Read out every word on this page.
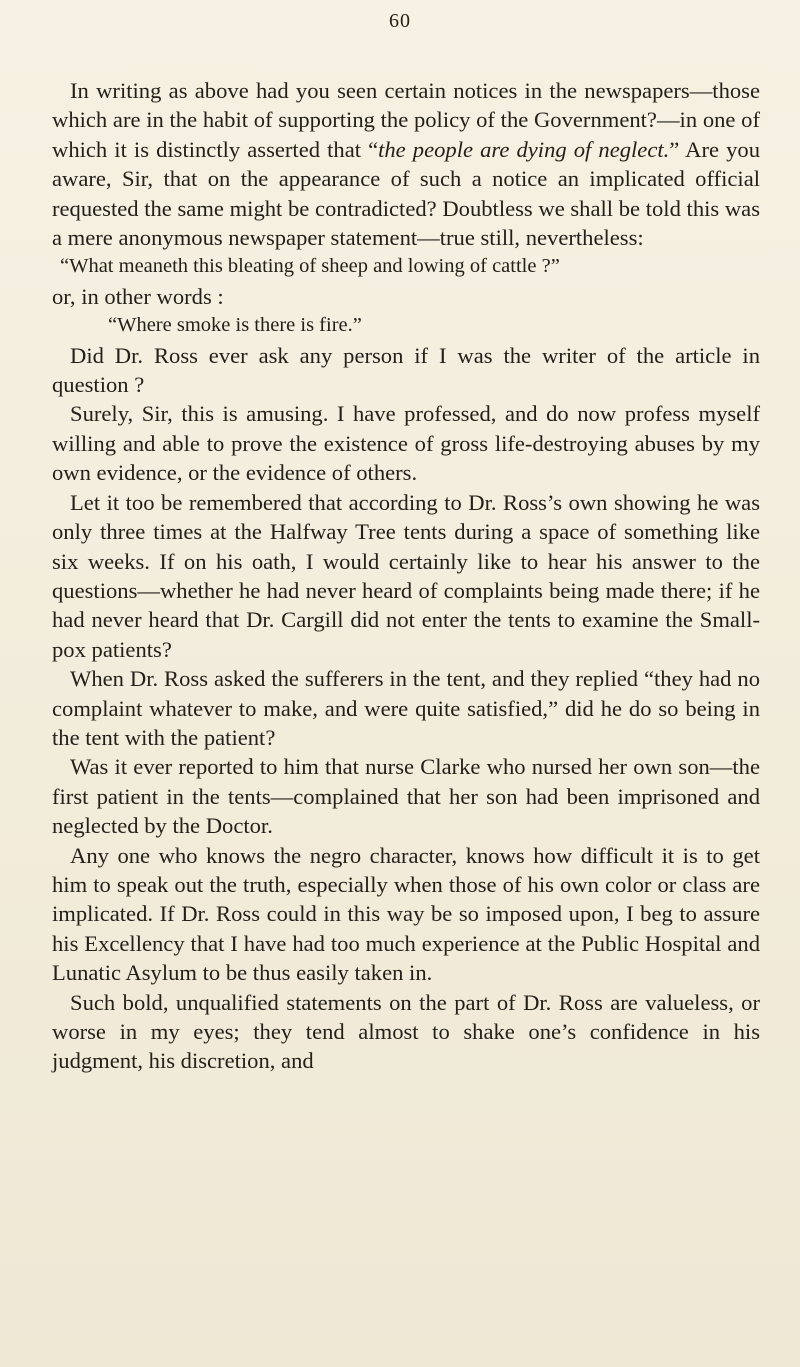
60

In writing as above had you seen certain notices in the newspapers—those which are in the habit of supporting the policy of the Government?—in one of which it is distinctly asserted that “the people are dying of neglect.” Are you aware, Sir, that on the appearance of such a notice an implicated official requested the same might be contradicted? Doubtless we shall be told this was a mere anonymous newspaper statement—true still, nevertheless:

“What meaneth this bleating of sheep and lowing of cattle ?”

or, in other words :

“Where smoke is there is fire.”

Did Dr. Ross ever ask any person if I was the writer of the article in question ?

Surely, Sir, this is amusing. I have professed, and do now profess myself willing and able to prove the existence of gross life-destroying abuses by my own evidence, or the evidence of others.

Let it too be remembered that according to Dr. Ross’s own showing he was only three times at the Halfway Tree tents during a space of something like six weeks. If on his oath, I would certainly like to hear his answer to the questions—whether he had never heard of complaints being made there; if he had never heard that Dr. Cargill did not enter the tents to examine the Small-pox patients?

When Dr. Ross asked the sufferers in the tent, and they replied “they had no complaint whatever to make, and were quite satisfied,” did he do so being in the tent with the patient?

Was it ever reported to him that nurse Clarke who nursed her own son—the first patient in the tents—complained that her son had been imprisoned and neglected by the Doctor.

Any one who knows the negro character, knows how difficult it is to get him to speak out the truth, especially when those of his own color or class are implicated. If Dr. Ross could in this way be so imposed upon, I beg to assure his Excellency that I have had too much experience at the Public Hospital and Lunatic Asylum to be thus easily taken in.

Such bold, unqualified statements on the part of Dr. Ross are valueless, or worse in my eyes; they tend almost to shake one’s confidence in his judgment, his discretion, and
